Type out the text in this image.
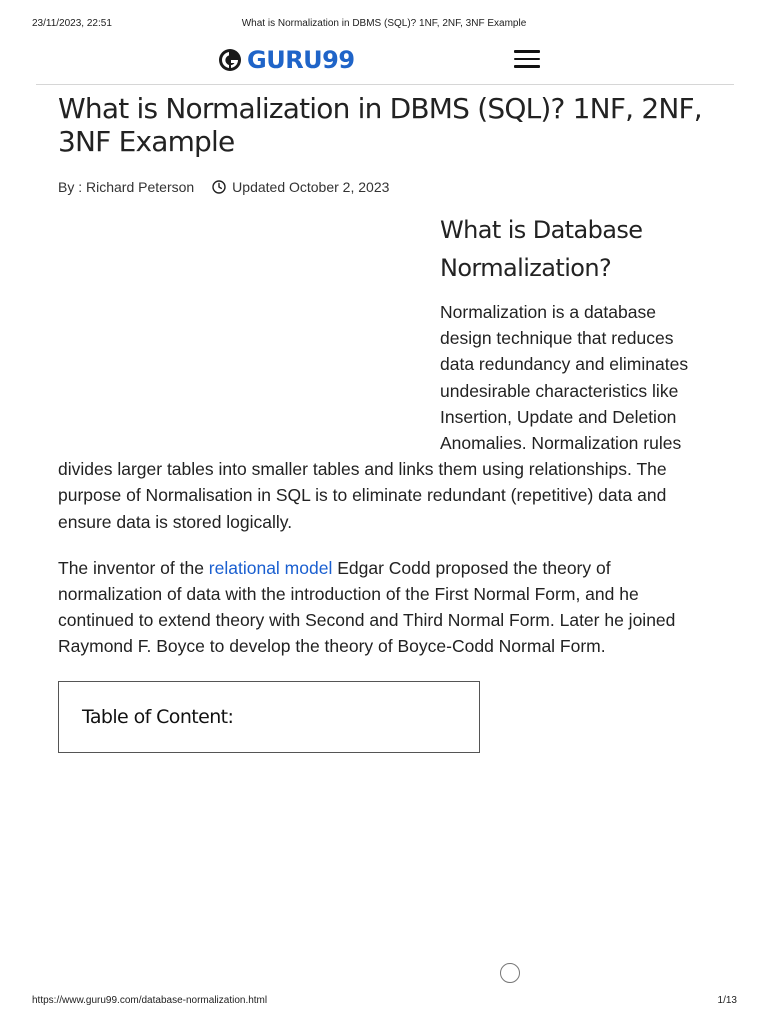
23/11/2023, 22:51	What is Normalization in DBMS (SQL)? 1NF, 2NF, 3NF Example
GURU99
What is Normalization in DBMS (SQL)? 1NF, 2NF, 3NF Example
By : Richard Peterson	Updated October 2, 2023
What is Database Normalization?

Normalization is a database design technique that reduces data redundancy and eliminates undesirable characteristics like Insertion, Update and Deletion Anomalies. Normalization rules divides larger tables into smaller tables and links them using relationships. The purpose of Normalisation in SQL is to eliminate redundant (repetitive) data and ensure data is stored logically.

The inventor of the relational model Edgar Codd proposed the theory of normalization of data with the introduction of the First Normal Form, and he continued to extend theory with Second and Third Normal Form. Later he joined Raymond F. Boyce to develop the theory of Boyce-Codd Normal Form.

Table of Content:
https://www.guru99.com/database-normalization.html	1/13
